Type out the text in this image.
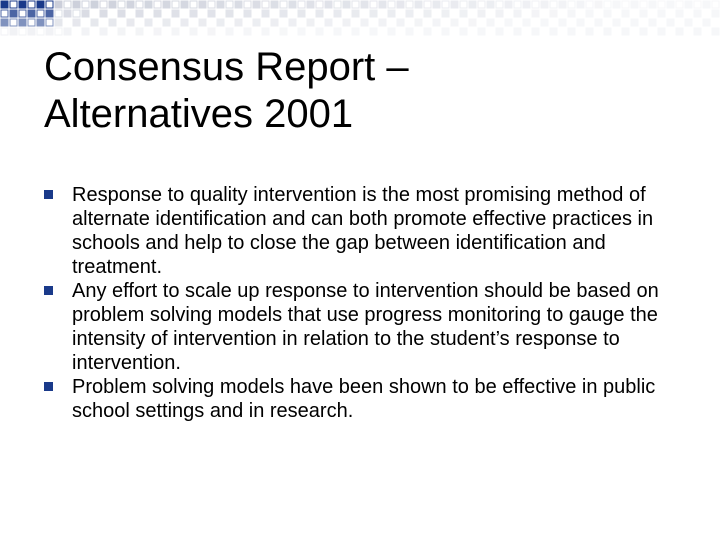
Consensus Report –
Alternatives 2001
Response to quality intervention is the most promising method of alternate identification and can both promote effective practices in schools and help to close the gap between identification and treatment.
Any effort to scale up response to intervention should be based on problem solving models that use progress monitoring to gauge the intensity of intervention in relation to the student’s response to intervention.
Problem solving models have been shown to be effective in public school settings and in research.
